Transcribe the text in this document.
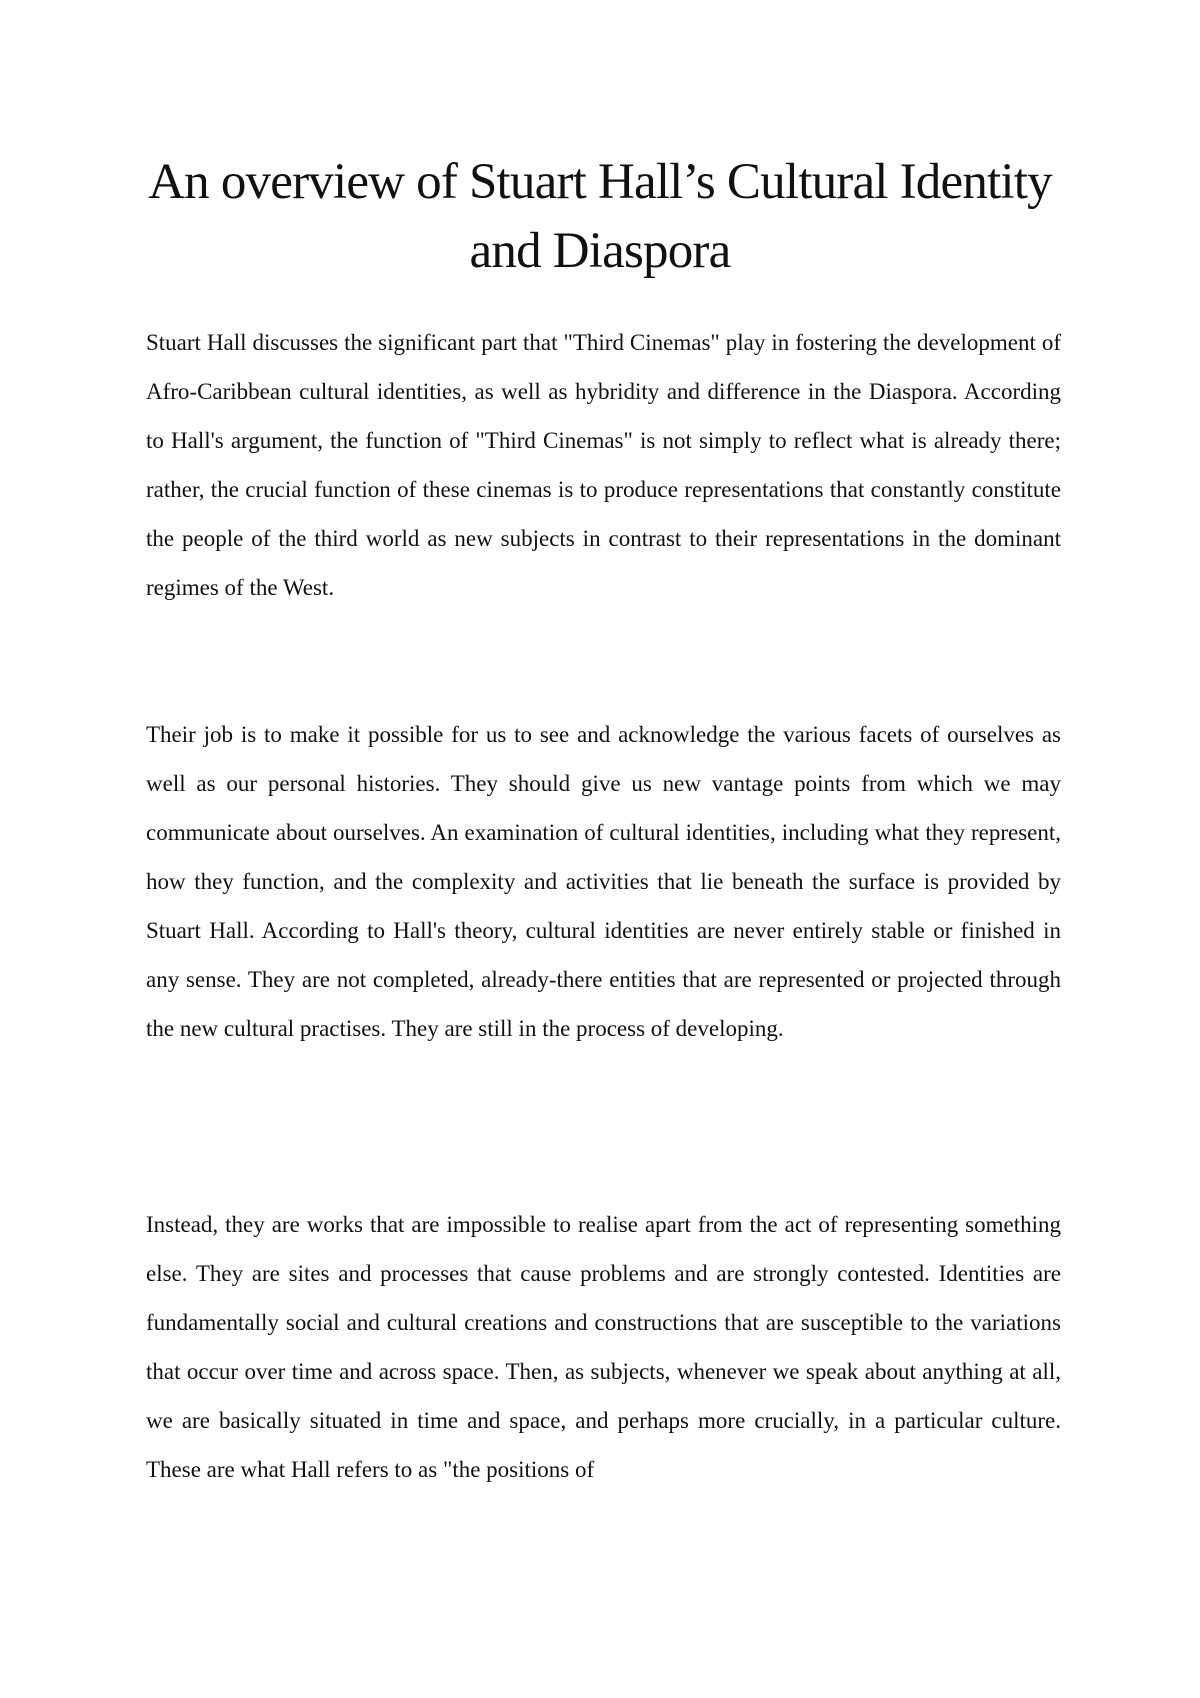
An overview of Stuart Hall’s Cultural Identity and Diaspora

Stuart Hall discusses the significant part that "Third Cinemas" play in fostering the development of Afro-Caribbean cultural identities, as well as hybridity and difference in the Diaspora. According to Hall's argument, the function of "Third Cinemas" is not simply to reflect what is already there; rather, the crucial function of these cinemas is to produce representations that constantly constitute the people of the third world as new subjects in contrast to their representations in the dominant regimes of the West.

Their job is to make it possible for us to see and acknowledge the various facets of ourselves as well as our personal histories. They should give us new vantage points from which we may communicate about ourselves. An examination of cultural identities, including what they represent, how they function, and the complexity and activities that lie beneath the surface is provided by Stuart Hall. According to Hall's theory, cultural identities are never entirely stable or finished in any sense. They are not completed, already-there entities that are represented or projected through the new cultural practises. They are still in the process of developing.

Instead, they are works that are impossible to realise apart from the act of representing something else. They are sites and processes that cause problems and are strongly contested. Identities are fundamentally social and cultural creations and constructions that are susceptible to the variations that occur over time and across space. Then, as subjects, whenever we speak about anything at all, we are basically situated in time and space, and perhaps more crucially, in a particular culture. These are what Hall refers to as "the positions of
